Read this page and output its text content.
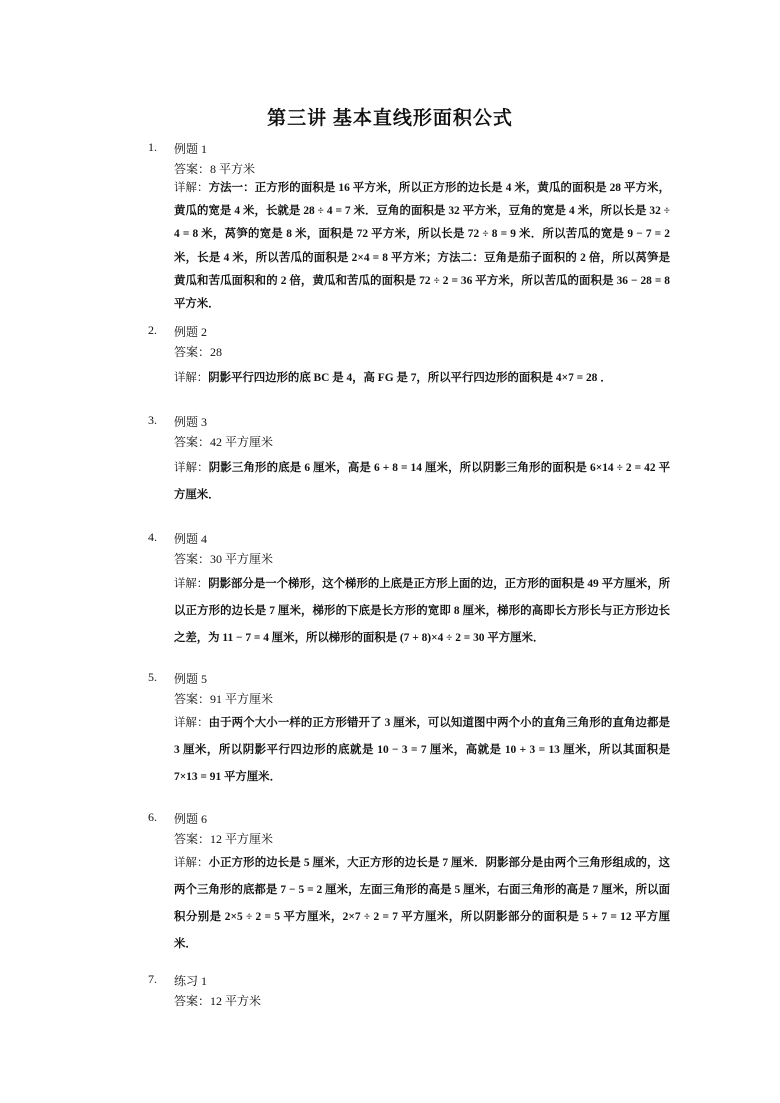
第三讲 基本直线形面积公式
1. 例题 1
答案：8 平方米
详解：方法一：正方形的面积是 16 平方米，所以正方形的边长是 4 米，黄瓜的面积是 28 平方米，黄瓜的宽是 4 米，长就是 28 ÷ 4 = 7 米．豆角的面积是 32 平方米，豆角的宽是 4 米，所以长是 32 ÷ 4 = 8 米，莴笋的宽是 8 米，面积是 72 平方米，所以长是 72 ÷ 8 = 9 米．所以苦瓜的宽是 9 − 7 = 2 米，长是 4 米，所以苦瓜的面积是 2×4 = 8 平方米；方法二：豆角是茄子面积的 2 倍，所以莴笋是黄瓜和苦瓜面积和的 2 倍，黄瓜和苦瓜的面积是 72 ÷ 2 = 36 平方米，所以苦瓜的面积是 36 − 28 = 8 平方米．
2. 例题 2
答案：28
详解：阴影平行四边形的底 BC 是 4，高 FG 是 7，所以平行四边形的面积是 4×7 = 28 ．
3. 例题 3
答案：42 平方厘米
详解：阴影三角形的底是 6 厘米，高是 6 + 8 = 14 厘米，所以阴影三角形的面积是 6×14 ÷ 2 = 42 平方厘米．
4. 例题 4
答案：30 平方厘米
详解：阴影部分是一个梯形，这个梯形的上底是正方形上面的边，正方形的面积是 49 平方厘米，所以正方形的边长是 7 厘米，梯形的下底是长方形的宽即 8 厘米，梯形的高即长方形长与正方形边长之差，为 11 − 7 = 4 厘米，所以梯形的面积是 (7 + 8)×4 ÷ 2 = 30 平方厘米．
5. 例题 5
答案：91 平方厘米
详解：由于两个大小一样的正方形错开了 3 厘米，可以知道图中两个小的直角三角形的直角边都是 3 厘米，所以阴影平行四边形的底就是 10 − 3 = 7 厘米，高就是 10 + 3 = 13 厘米，所以其面积是 7×13 = 91 平方厘米．
6. 例题 6
答案：12 平方厘米
详解：小正方形的边长是 5 厘米，大正方形的边长是 7 厘米．阴影部分是由两个三角形组成的，这两个三角形的底都是 7 − 5 = 2 厘米，左面三角形的高是 5 厘米，右面三角形的高是 7 厘米，所以面积分别是 2×5 ÷ 2 = 5 平方厘米，2×7 ÷ 2 = 7 平方厘米，所以阴影部分的面积是 5 + 7 = 12 平方厘米．
7. 练习 1
答案：12 平方米
